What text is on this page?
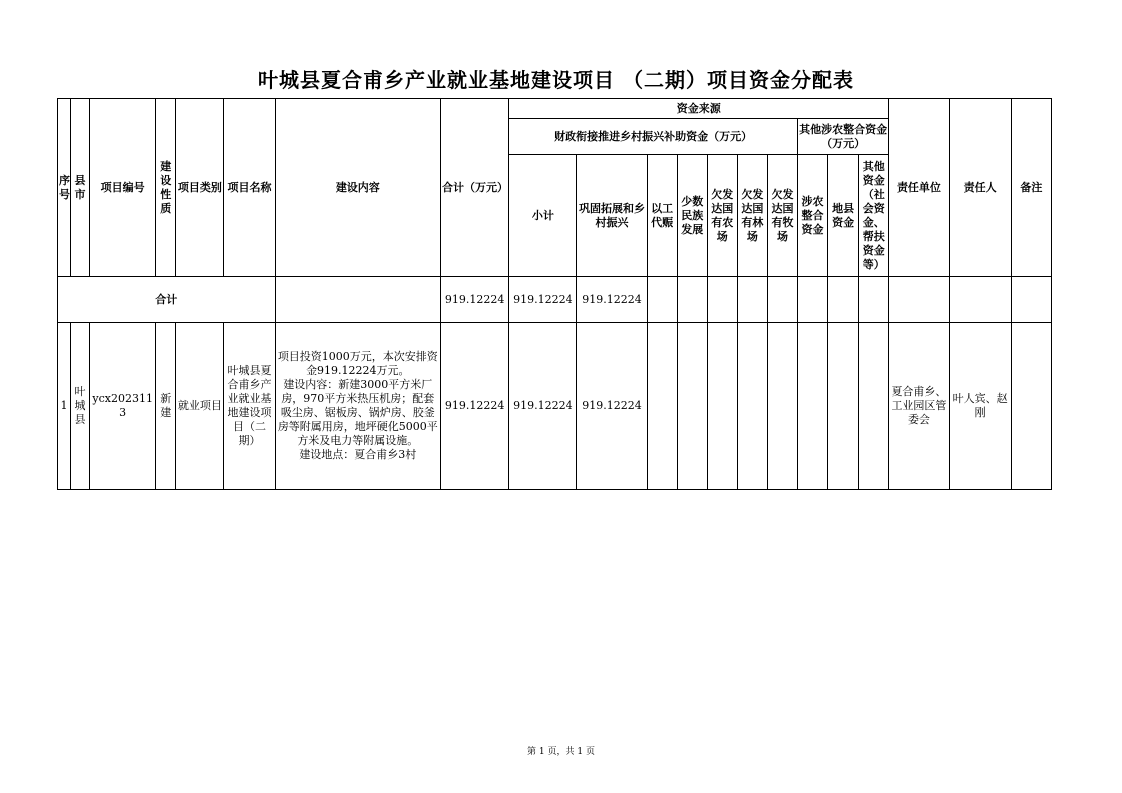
叶城县夏合甫乡产业就业基地建设项目 （二期）项目资金分配表
序号	县市	项目编号	建设性质	项目类别	项目名称	建设内容	合计（万元）	资金来源										责任单位	责任人	备注
								财政衔接推进乡村振兴补助资金（万元）							其他涉农整合资金（万元）					
								小计	巩固拓展和乡村振兴	以工代赈	少数民族发展	欠发达国有农场	欠发达国有林场	欠发达国有牧场	涉农整合资金	地县资金	其他资金（社会资金、帮扶资金等）			
合计							919.12224	919.12224	919.12224											
1	叶城县	ycx2023113	新建	就业项目	叶城县夏合甫乡产业就业基地建设项目（二期）	项目投资1000万元，本次安排资金919.12224万元。
建设内容：新建3000平方米厂房，970平方米热压机房；配套吸尘房、锯板房、锅炉房、胶釜房等附属用房，地坪硬化5000平方米及电力等附属设施。
建设地点：夏合甫乡3村	919.12224	919.12224	919.12224									夏合甫乡、工业园区管委会	叶人宾、赵刚	
第 1 页，共 1 页
